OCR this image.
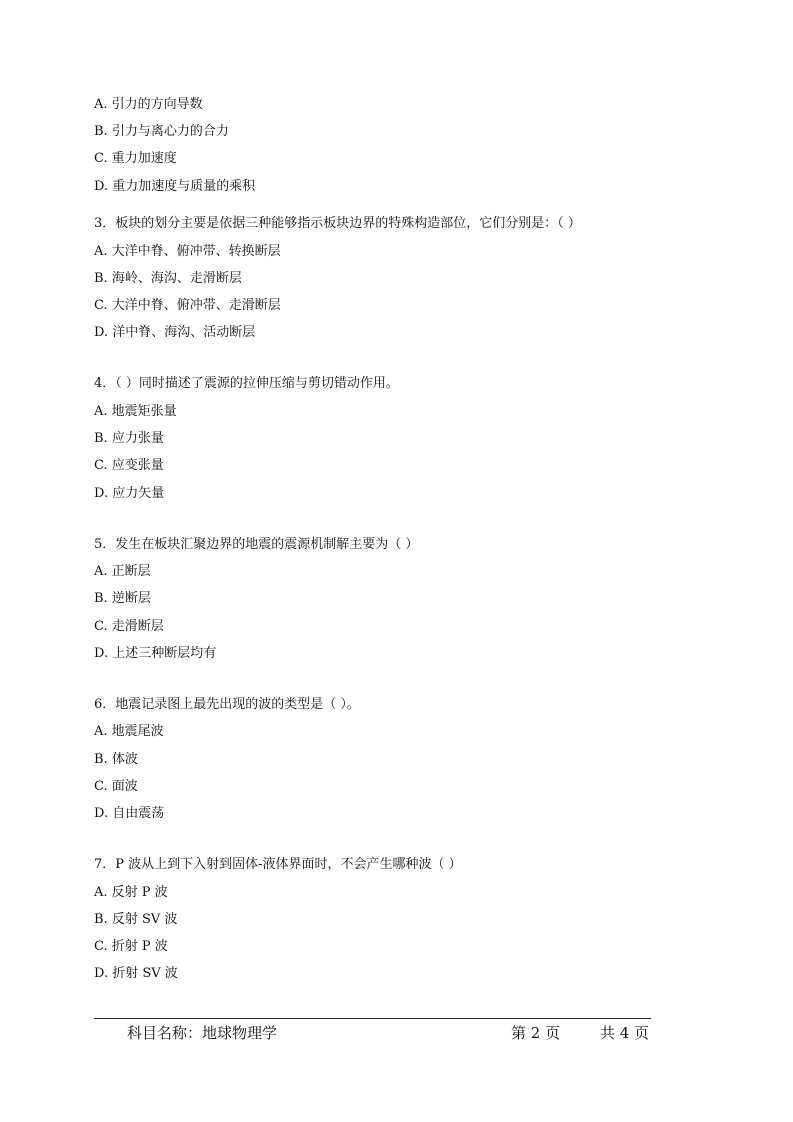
A. 引力的方向导数
B. 引力与离心力的合力
C. 重力加速度
D. 重力加速度与质量的乘积
3．板块的划分主要是依据三种能够指示板块边界的特殊构造部位，它们分别是：（ ）
A. 大洋中脊、俯冲带、转换断层
B. 海岭、海沟、走滑断层
C. 大洋中脊、俯冲带、走滑断层
D. 洋中脊、海沟、活动断层
4．（ ）同时描述了震源的拉伸压缩与剪切错动作用。
A. 地震矩张量
B. 应力张量
C. 应变张量
D. 应力矢量
5．发生在板块汇聚边界的地震的震源机制解主要为（ ）
A. 正断层
B. 逆断层
C. 走滑断层
D. 上述三种断层均有
6．地震记录图上最先出现的波的类型是（ ）。
A. 地震尾波
B. 体波
C. 面波
D. 自由震荡
7．P 波从上到下入射到固体-液体界面时，不会产生哪种波（ ）
A. 反射 P 波
B. 反射 SV 波
C. 折射 P 波
D. 折射 SV 波
科目名称：地球物理学	第 2 页	共 4 页
